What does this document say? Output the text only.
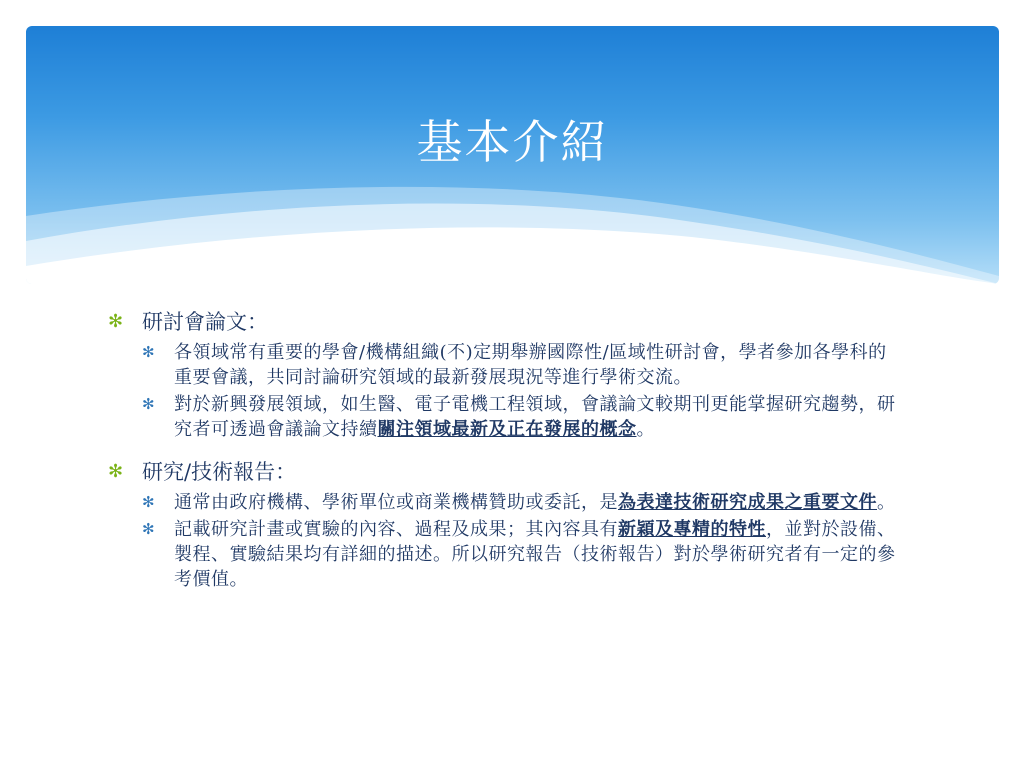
基本介紹
✻ 研討會論文：
✻	各領域常有重要的學會/機構組織(不)定期舉辦國際性/區域性研討會，學者參加各學科的重要會議，共同討論研究領域的最新發展現況等進行學術交流。
✻	對於新興發展領域，如生醫、電子電機工程領域，會議論文較期刊更能掌握研究趨勢，研究者可透過會議論文持續關注領域最新及正在發展的概念。
✻ 研究/技術報告：
✻	通常由政府機構、學術單位或商業機構贊助或委託，是為表達技術研究成果之重要文件。
✻	記載研究計畫或實驗的內容、過程及成果；其內容具有新穎及專精的特性，並對於設備、製程、實驗結果均有詳細的描述。所以研究報告（技術報告）對於學術研究者有一定的參考價值。
